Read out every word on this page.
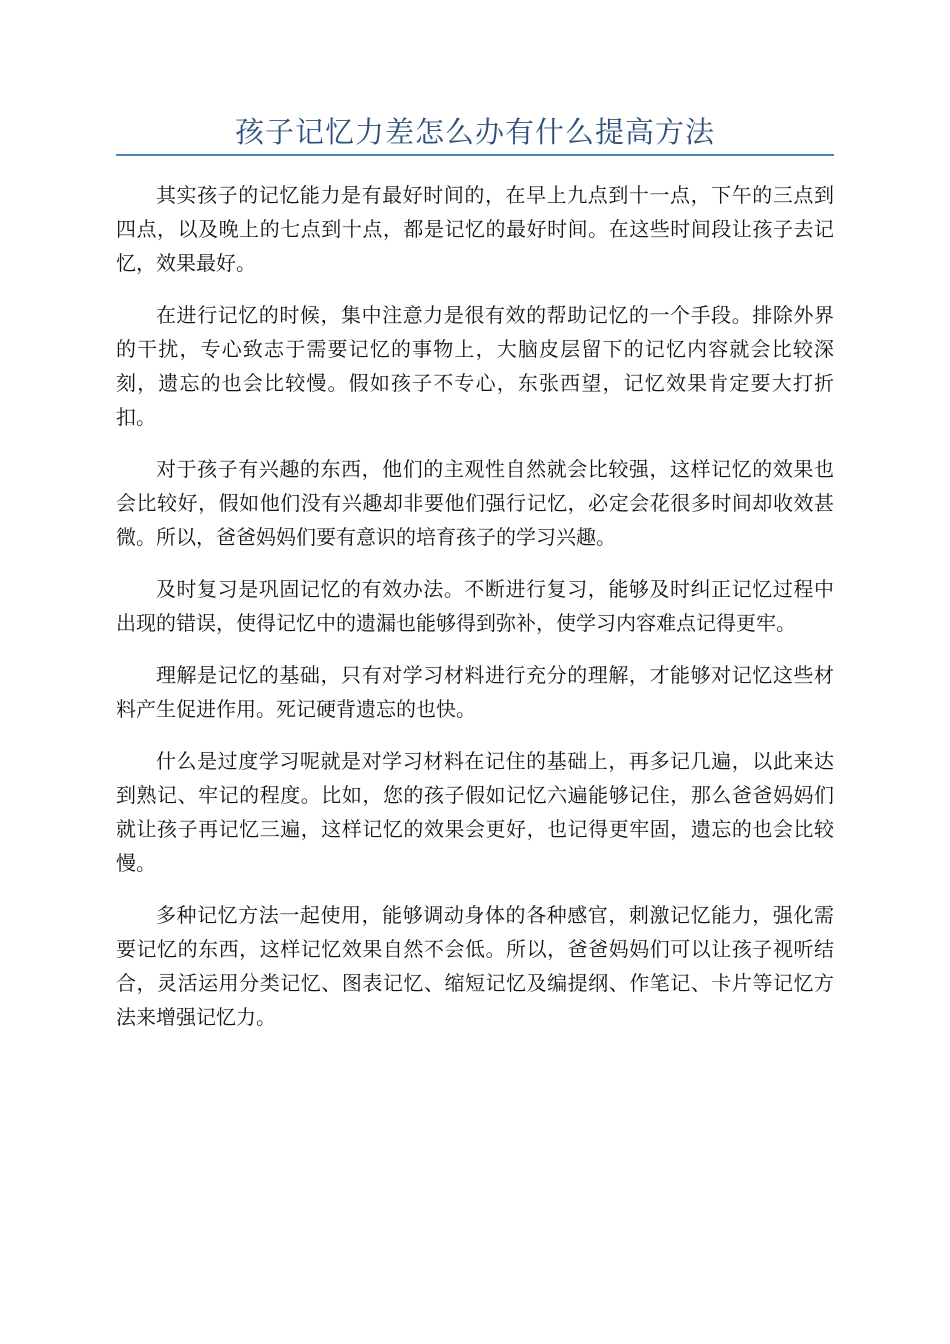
孩子记忆力差怎么办有什么提高方法

其实孩子的记忆能力是有最好时间的，在早上九点到十一点，下午的三点到四点，以及晚上的七点到十点，都是记忆的最好时间。在这些时间段让孩子去记忆，效果最好。

在进行记忆的时候，集中注意力是很有效的帮助记忆的一个手段。排除外界的干扰，专心致志于需要记忆的事物上，大脑皮层留下的记忆内容就会比较深刻，遗忘的也会比较慢。假如孩子不专心，东张西望，记忆效果肯定要大打折扣。

对于孩子有兴趣的东西，他们的主观性自然就会比较强，这样记忆的效果也会比较好，假如他们没有兴趣却非要他们强行记忆，必定会花很多时间却收效甚微。所以，爸爸妈妈们要有意识的培育孩子的学习兴趣。

及时复习是巩固记忆的有效办法。不断进行复习，能够及时纠正记忆过程中出现的错误，使得记忆中的遗漏也能够得到弥补，使学习内容难点记得更牢。

理解是记忆的基础，只有对学习材料进行充分的理解，才能够对记忆这些材料产生促进作用。死记硬背遗忘的也快。

什么是过度学习呢就是对学习材料在记住的基础上，再多记几遍，以此来达到熟记、牢记的程度。比如，您的孩子假如记忆六遍能够记住，那么爸爸妈妈们就让孩子再记忆三遍，这样记忆的效果会更好，也记得更牢固，遗忘的也会比较慢。

多种记忆方法一起使用，能够调动身体的各种感官，刺激记忆能力，强化需要记忆的东西，这样记忆效果自然不会低。所以，爸爸妈妈们可以让孩子视听结合，灵活运用分类记忆、图表记忆、缩短记忆及编提纲、作笔记、卡片等记忆方法来增强记忆力。
